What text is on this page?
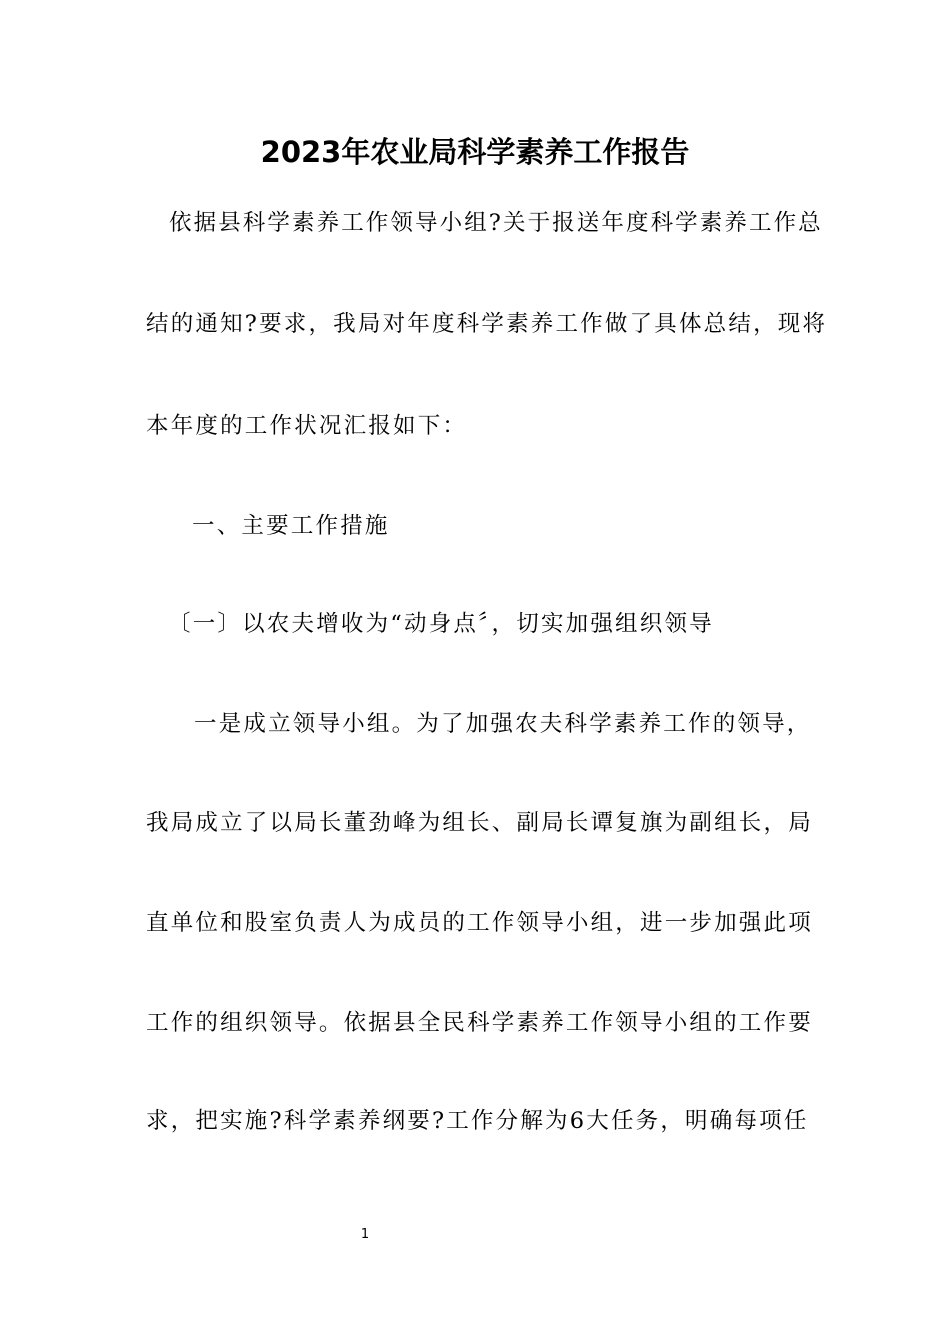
2023年农业局科学素养工作报告
依据县科学素养工作领导小组?关于报送年度科学素养工作总
结的通知?要求，我局对年度科学素养工作做了具体总结，现将
本年度的工作状况汇报如下：
一、主要工作措施
〔一〕以农夫增收为“动身点〞，切实加强组织领导
一是成立领导小组。为了加强农夫科学素养工作的领导，
我局成立了以局长董劲峰为组长、副局长谭复旗为副组长，局
直单位和股室负责人为成员的工作领导小组，进一步加强此项
工作的组织领导。依据县全民科学素养工作领导小组的工作要
求，把实施?科学素养纲要?工作分解为6大任务，明确每项任
1
